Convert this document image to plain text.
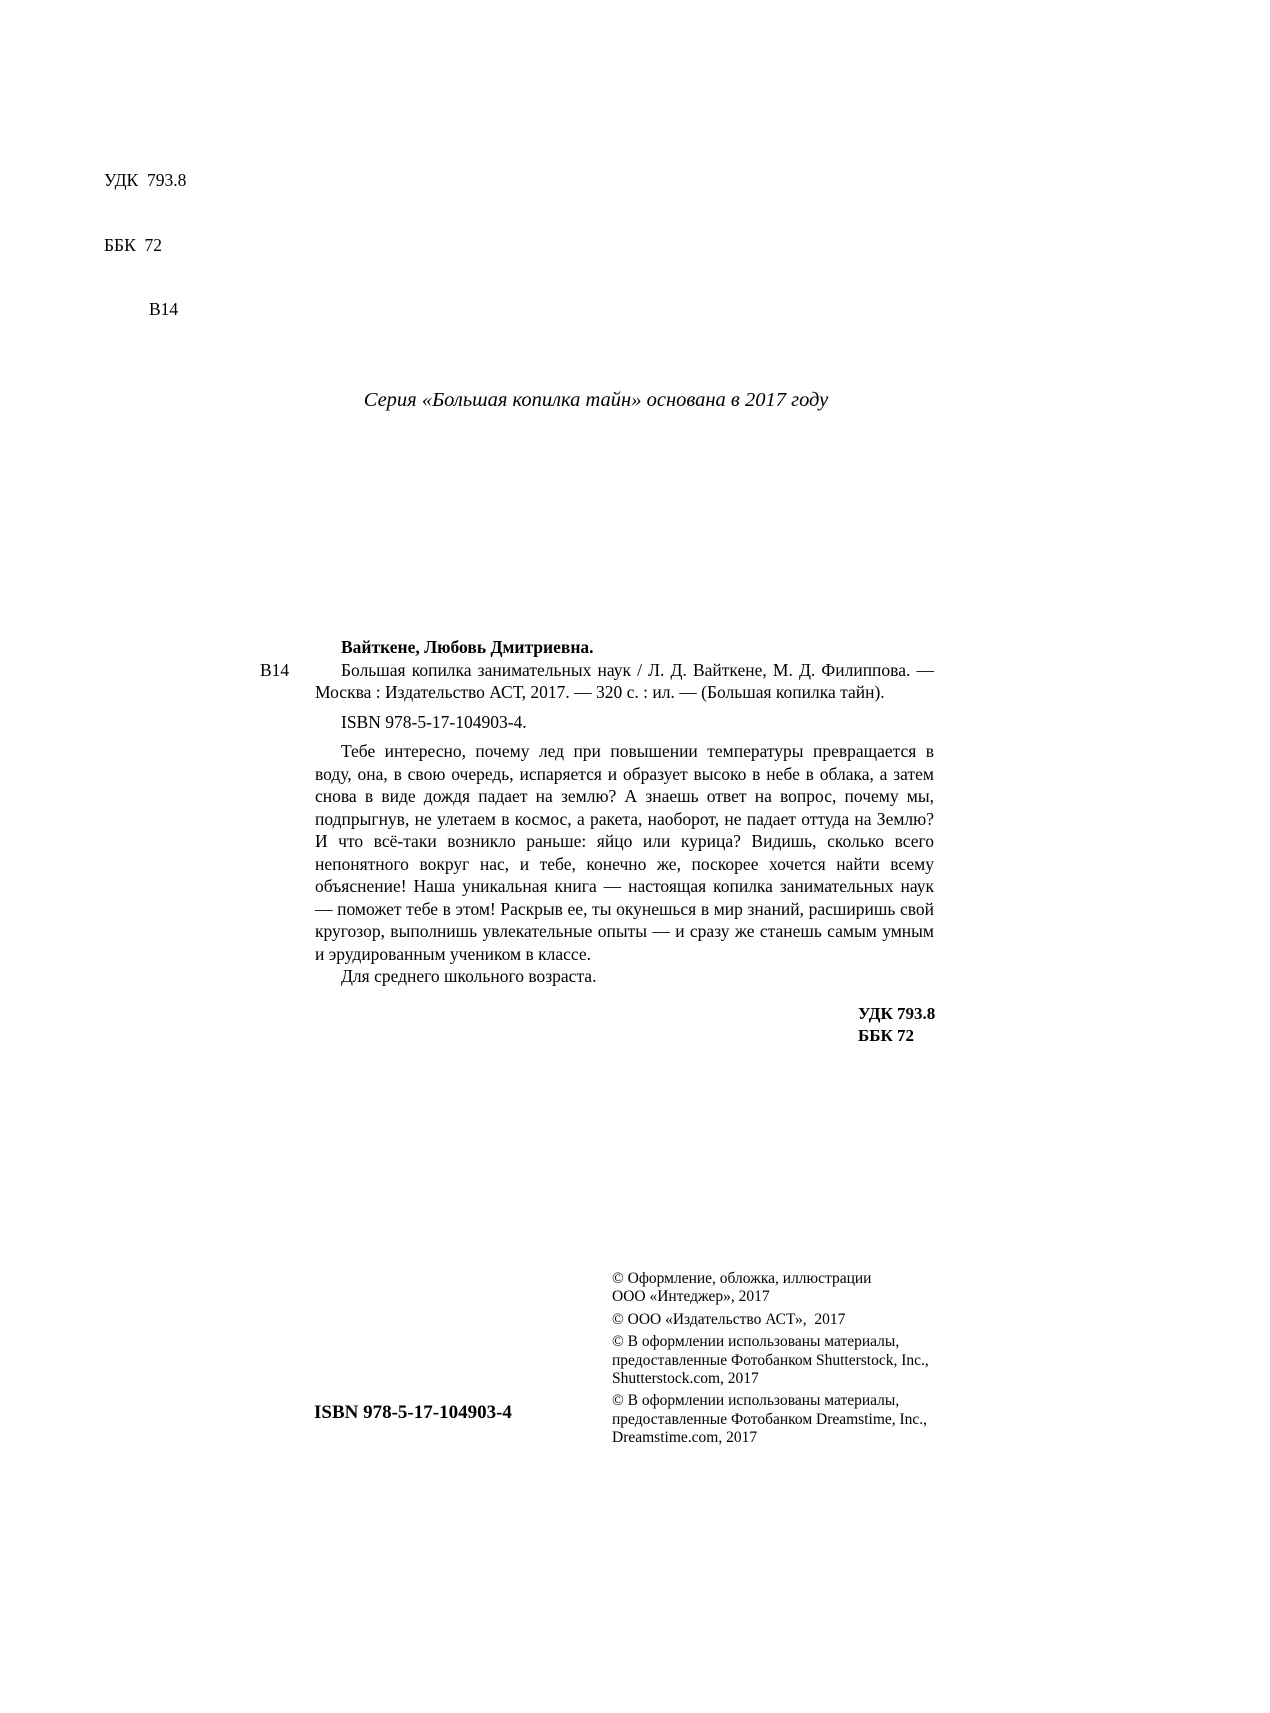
УДК  793.8

ББК  72

В14

Серия «Большая копилка тайн» основана в 2017 году
Вайткене, Любовь Дмитриевна.
В14	Большая копилка занимательных наук / Л. Д. Вайткене, М. Д. Филиппова. — Москва : Издательство АСТ, 2017. — 320 с. : ил. — (Большая копилка тайн).
ISBN 978-5-17-104903-4.
Тебе интересно, почему лед при повышении температуры превращается в воду, она, в свою очередь, испаряется и образует высоко в небе в облака, а затем снова в виде дождя падает на землю? А знаешь ответ на вопрос, почему мы, подпрыгнув, не улетаем в космос, а ракета, наоборот, не падает оттуда на Землю? И что всё-таки возникло раньше: яйцо или курица? Видишь, сколько всего непонятного вокруг нас, и тебе, конечно же, поскорее хочется найти всему объяснение! Наша уникальная книга — настоящая копилка занимательных наук — поможет тебе в этом! Раскрыв ее, ты окунешься в мир знаний, расширишь свой кругозор, выполнишь увлекательные опыты — и сразу же станешь самым умным и эрудированным учеником в классе.
Для среднего школьного возраста.
УДК 793.8
ББК 72
© Оформление, обложка, иллюстрации
ООО «Интеджер», 2017
© ООО «Издательство АСТ»,  2017
© В оформлении использованы материалы,
предоставленные Фотобанком Shutterstock, Inc.,
Shutterstock.com, 2017
© В оформлении использованы материалы,
предоставленные Фотобанком Dreamstime, Inc.,
Dreamstime.com, 2017
ISBN 978-5-17-104903-4
